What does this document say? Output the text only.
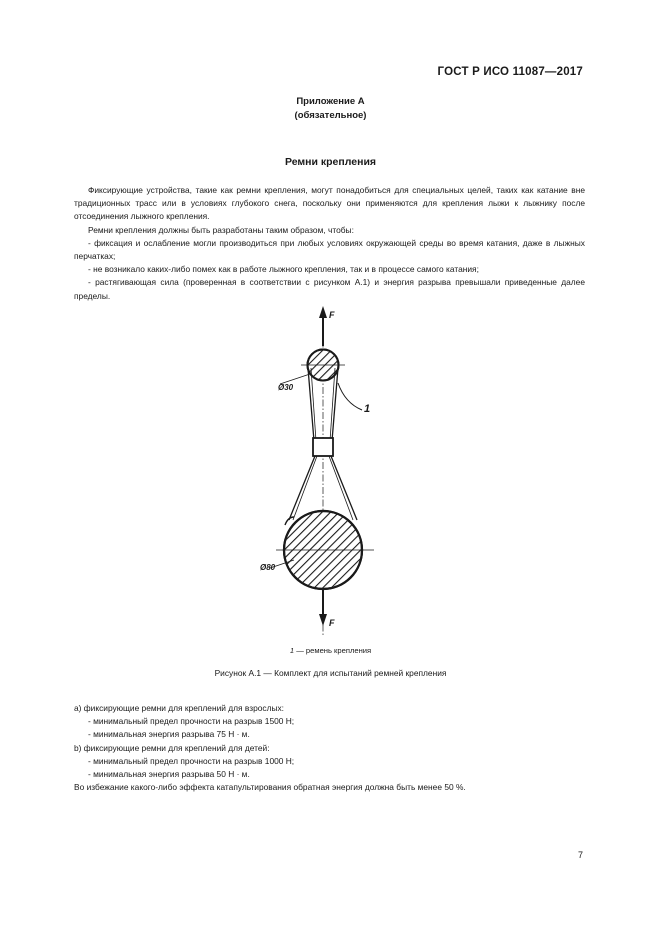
ГОСТ Р ИСО 11087—2017
Приложение А
(обязательное)
Ремни крепления

Фиксирующие устройства, такие как ремни крепления, могут понадобиться для специальных целей, таких как катание вне традиционных трасс или в условиях глубокого снега, поскольку они применяются для крепления лыжи к лыжнику после отсоединения лыжного крепления.

Ремни крепления должны быть разработаны таким образом, чтобы:

- фиксация и ослабление могли производиться при любых условиях окружающей среды во время катания, даже в лыжных перчатках;

- не возникало каких-либо помех как в работе лыжного крепления, так и в процессе самого катания;

- растягивающая сила (проверенная в соответствии с рисунком А.1) и энергия разрыва превышали приведенные далее пределы.

F
1
Ø30
Ø80
F
1 — ремень крепления
Рисунок А.1 — Комплект для испытаний ремней крепления

a) фиксирующие ремни для креплений для взрослых:

- минимальный предел прочности на разрыв 1500 Н;

- минимальная энергия разрыва 75 Н · м.

b) фиксирующие ремни для креплений для детей:

- минимальный предел прочности на разрыв 1000 Н;

- минимальная энергия разрыва 50 Н · м.

Во избежание какого-либо эффекта катапультирования обратная энергия должна быть менее 50 %.

7
